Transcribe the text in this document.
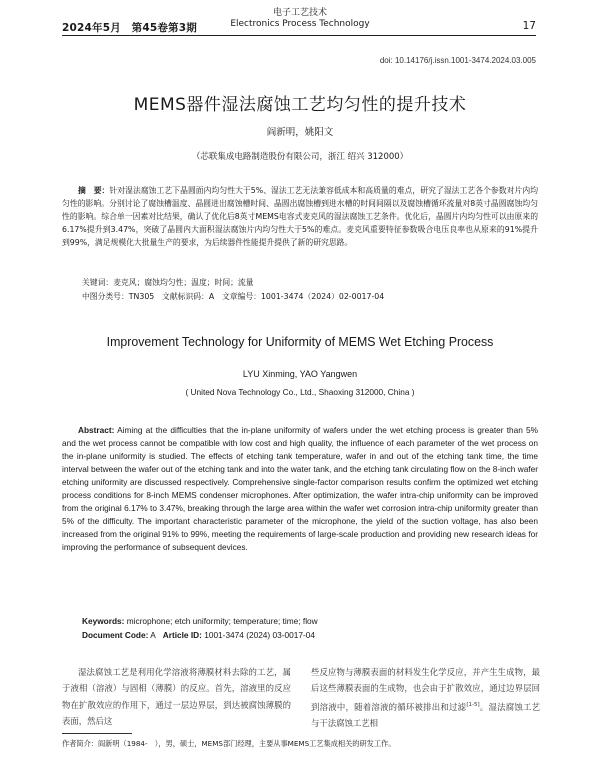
2024年5月　第45卷第3期
电子工艺技术
Electronics Process Technology	17
doi: 10.14176/j.issn.1001-3474.2024.03.005
MEMS器件湿法腐蚀工艺均匀性的提升技术
阎新明，姚阳文
（芯联集成电路制造股份有限公司，浙江 绍兴 312000）
摘　要：针对湿法腐蚀工艺下晶圆面内均匀性大于5%、湿法工艺无法兼容低成本和高质量的难点，研究了湿法工艺各个参数对片内均匀性的影响。分别讨论了腐蚀槽温度、晶圆进出腐蚀槽时间、晶圆出腐蚀槽到进水槽的时间间隔以及腐蚀槽循环流量对8英寸晶圆腐蚀均匀性的影响。综合单一因素对比结果，确认了优化后8英寸MEMS电容式麦克风的湿法腐蚀工艺条件。优化后，晶圆片内均匀性可以由原来的6.17%提升到3.47%，突破了晶圆内大面积湿法腐蚀片内均匀性大于5%的难点。麦克风重要特征参数吸合电压良率也从原来的91%提升到99%，满足规模化大批量生产的要求，为后续器件性能提升提供了新的研究思路。
关键词：麦克风；腐蚀均匀性；温度；时间；流量
中图分类号：TN305　文献标识码：A　文章编号：1001-3474（2024）02-0017-04
Improvement Technology for Uniformity of MEMS Wet Etching Process
LYU Xinming, YAO Yangwen
( United Nova Technology Co., Ltd., Shaoxing 312000, China )
Abstract: Aiming at the difficulties that the in-plane uniformity of wafers under the wet etching process is greater than 5% and the wet process cannot be compatible with low cost and high quality, the influence of each parameter of the wet process on the in-plane uniformity is studied. The effects of etching tank temperature, wafer in and out of the etching tank time, the time interval between the wafer out of the etching tank and into the water tank, and the etching tank circulating flow on the 8-inch wafer etching uniformity are discussed respectively. Comprehensive single-factor comparison results confirm the optimized wet etching process conditions for 8-inch MEMS condenser microphones. After optimization, the wafer intra-chip uniformity can be improved from the original 6.17% to 3.47%, breaking through the large area within the wafer wet corrosion intra-chip uniformity greater than 5% of the difficulty. The important characteristic parameter of the microphone, the yield of the suction voltage, has also been increased from the original 91% to 99%, meeting the requirements of large-scale production and providing new research ideas for improving the performance of subsequent devices.
Keywords: microphone; etch uniformity; temperature; time; flow
Document Code: A Article ID: 1001-3474 (2024) 03-0017-04
湿法腐蚀工艺是利用化学溶液将薄膜材料去除的工艺，属于液相（溶液）与固相（薄膜）的反应。首先，溶液里的反应物在扩散效应的作用下，通过一层边界层，到达被腐蚀薄膜的表面，然后这
些反应物与薄膜表面的材料发生化学反应，并产生生成物，最后这些薄膜表面的生成物，也会由于扩散效应，通过边界层回到溶液中，随着溶液的循环被排出和过滤[1-5]。湿法腐蚀工艺与干法腐蚀工艺相
作者简介：阎新明（1984-　），男，硕士，MEMS部门经理，主要从事MEMS工艺集成相关的研发工作。
